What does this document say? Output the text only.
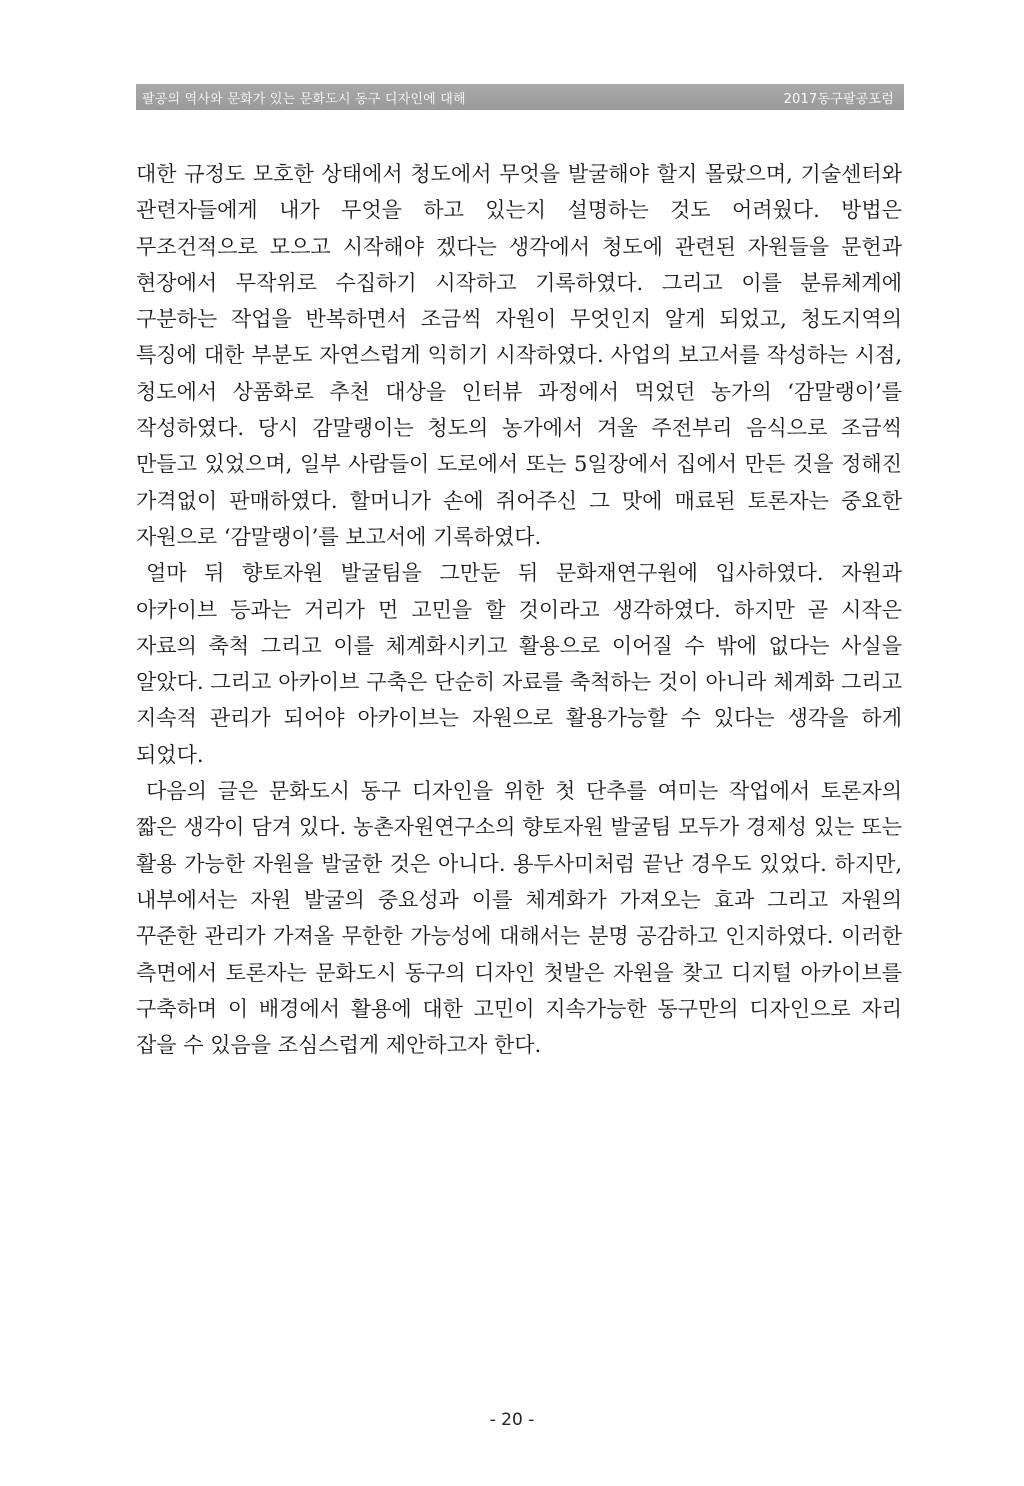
팔공의 역사와 문화가 있는 문화도시 동구 디자인에 대해	2017동구팔공포럼

대한 규정도 모호한 상태에서 청도에서 무엇을 발굴해야 할지 몰랐으며, 기술센터와 관련자들에게 내가 무엇을 하고 있는지 설명하는 것도 어려웠다. 방법은 무조건적으로 모으고 시작해야 겠다는 생각에서 청도에 관련된 자원들을 문헌과 현장에서 무작위로 수집하기 시작하고 기록하였다. 그리고 이를 분류체계에 구분하는 작업을 반복하면서 조금씩 자원이 무엇인지 알게 되었고, 청도지역의 특징에 대한 부분도 자연스럽게 익히기 시작하였다. 사업의 보고서를 작성하는 시점, 청도에서 상품화로 추천 대상을 인터뷰 과정에서 먹었던 농가의 ‘감말랭이’를 작성하였다. 당시 감말랭이는 청도의 농가에서 겨울 주전부리 음식으로 조금씩 만들고 있었으며, 일부 사람들이 도로에서 또는 5일장에서 집에서 만든 것을 정해진 가격없이 판매하였다. 할머니가 손에 쥐어주신 그 맛에 매료된 토론자는 중요한 자원으로 ‘감말랭이’를 보고서에 기록하였다.

얼마 뒤 향토자원 발굴팀을 그만둔 뒤 문화재연구원에 입사하였다. 자원과 아카이브 등과는 거리가 먼 고민을 할 것이라고 생각하였다. 하지만 곧 시작은 자료의 축척 그리고 이를 체계화시키고 활용으로 이어질 수 밖에 없다는 사실을 알았다. 그리고 아카이브 구축은 단순히 자료를 축척하는 것이 아니라 체계화 그리고 지속적 관리가 되어야 아카이브는 자원으로 활용가능할 수 있다는 생각을 하게 되었다.

다음의 글은 문화도시 동구 디자인을 위한 첫 단추를 여미는 작업에서 토론자의 짧은 생각이 담겨 있다. 농촌자원연구소의 향토자원 발굴팀 모두가 경제성 있는 또는 활용 가능한 자원을 발굴한 것은 아니다. 용두사미처럼 끝난 경우도 있었다. 하지만, 내부에서는 자원 발굴의 중요성과 이를 체계화가 가져오는 효과 그리고 자원의 꾸준한 관리가 가져올 무한한 가능성에 대해서는 분명 공감하고 인지하였다. 이러한 측면에서 토론자는 문화도시 동구의 디자인 첫발은 자원을 찾고 디지털 아카이브를 구축하며 이 배경에서 활용에 대한 고민이 지속가능한 동구만의 디자인으로 자리 잡을 수 있음을 조심스럽게 제안하고자 한다.

- 20 -
